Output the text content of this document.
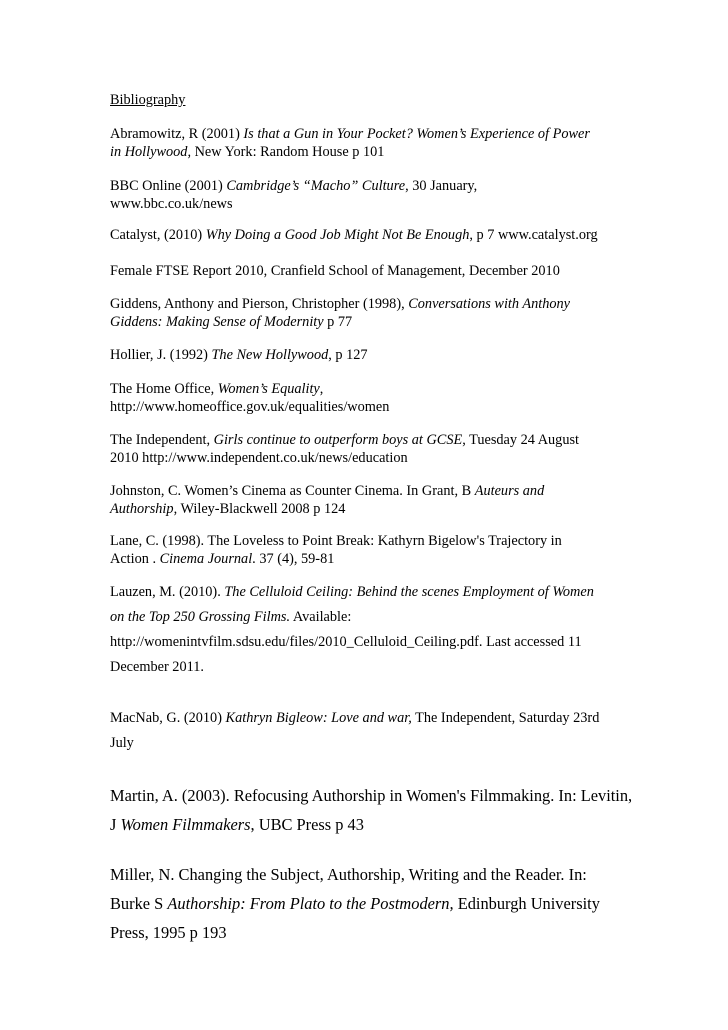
Bibliography
Abramowitz, R (2001) Is that a Gun in Your Pocket? Women’s Experience of Power
in Hollywood, New York: Random House p 101
BBC Online (2001) Cambridge’s “Macho” Culture, 30 January,
www.bbc.co.uk/news
Catalyst, (2010) Why Doing a Good Job Might Not Be Enough, p 7 www.catalyst.org
Female FTSE Report 2010, Cranfield School of Management, December 2010
Giddens, Anthony and Pierson, Christopher (1998), Conversations with Anthony
Giddens: Making Sense of Modernity p 77
Hollier, J. (1992) The New Hollywood, p 127
The Home Office, Women’s Equality,
http://www.homeoffice.gov.uk/equalities/women
The Independent, Girls continue to outperform boys at GCSE, Tuesday 24 August
2010 http://www.independent.co.uk/news/education
Johnston, C. Women’s Cinema as Counter Cinema. In Grant, B Auteurs and
Authorship, Wiley-Blackwell 2008 p 124
Lane, C. (1998). The Loveless to Point Break: Kathyrn Bigelow's Trajectory in
Action . Cinema Journal. 37 (4), 59-81
Lauzen, M. (2010). The Celluloid Ceiling: Behind the scenes Employment of Women
on the Top 250 Grossing Films. Available:
http://womenintvfilm.sdsu.edu/files/2010_Celluloid_Ceiling.pdf. Last accessed 11
December 2011.
MacNab, G. (2010) Kathryn Bigleow: Love and war, The Independent, Saturday 23rd
July
Martin, A. (2003). Refocusing Authorship in Women's Filmmaking. In: Levitin,
J Women Filmmakers, UBC Press p 43
Miller, N. Changing the Subject, Authorship, Writing and the Reader. In:
Burke S Authorship: From Plato to the Postmodern, Edinburgh University
Press, 1995 p 193
